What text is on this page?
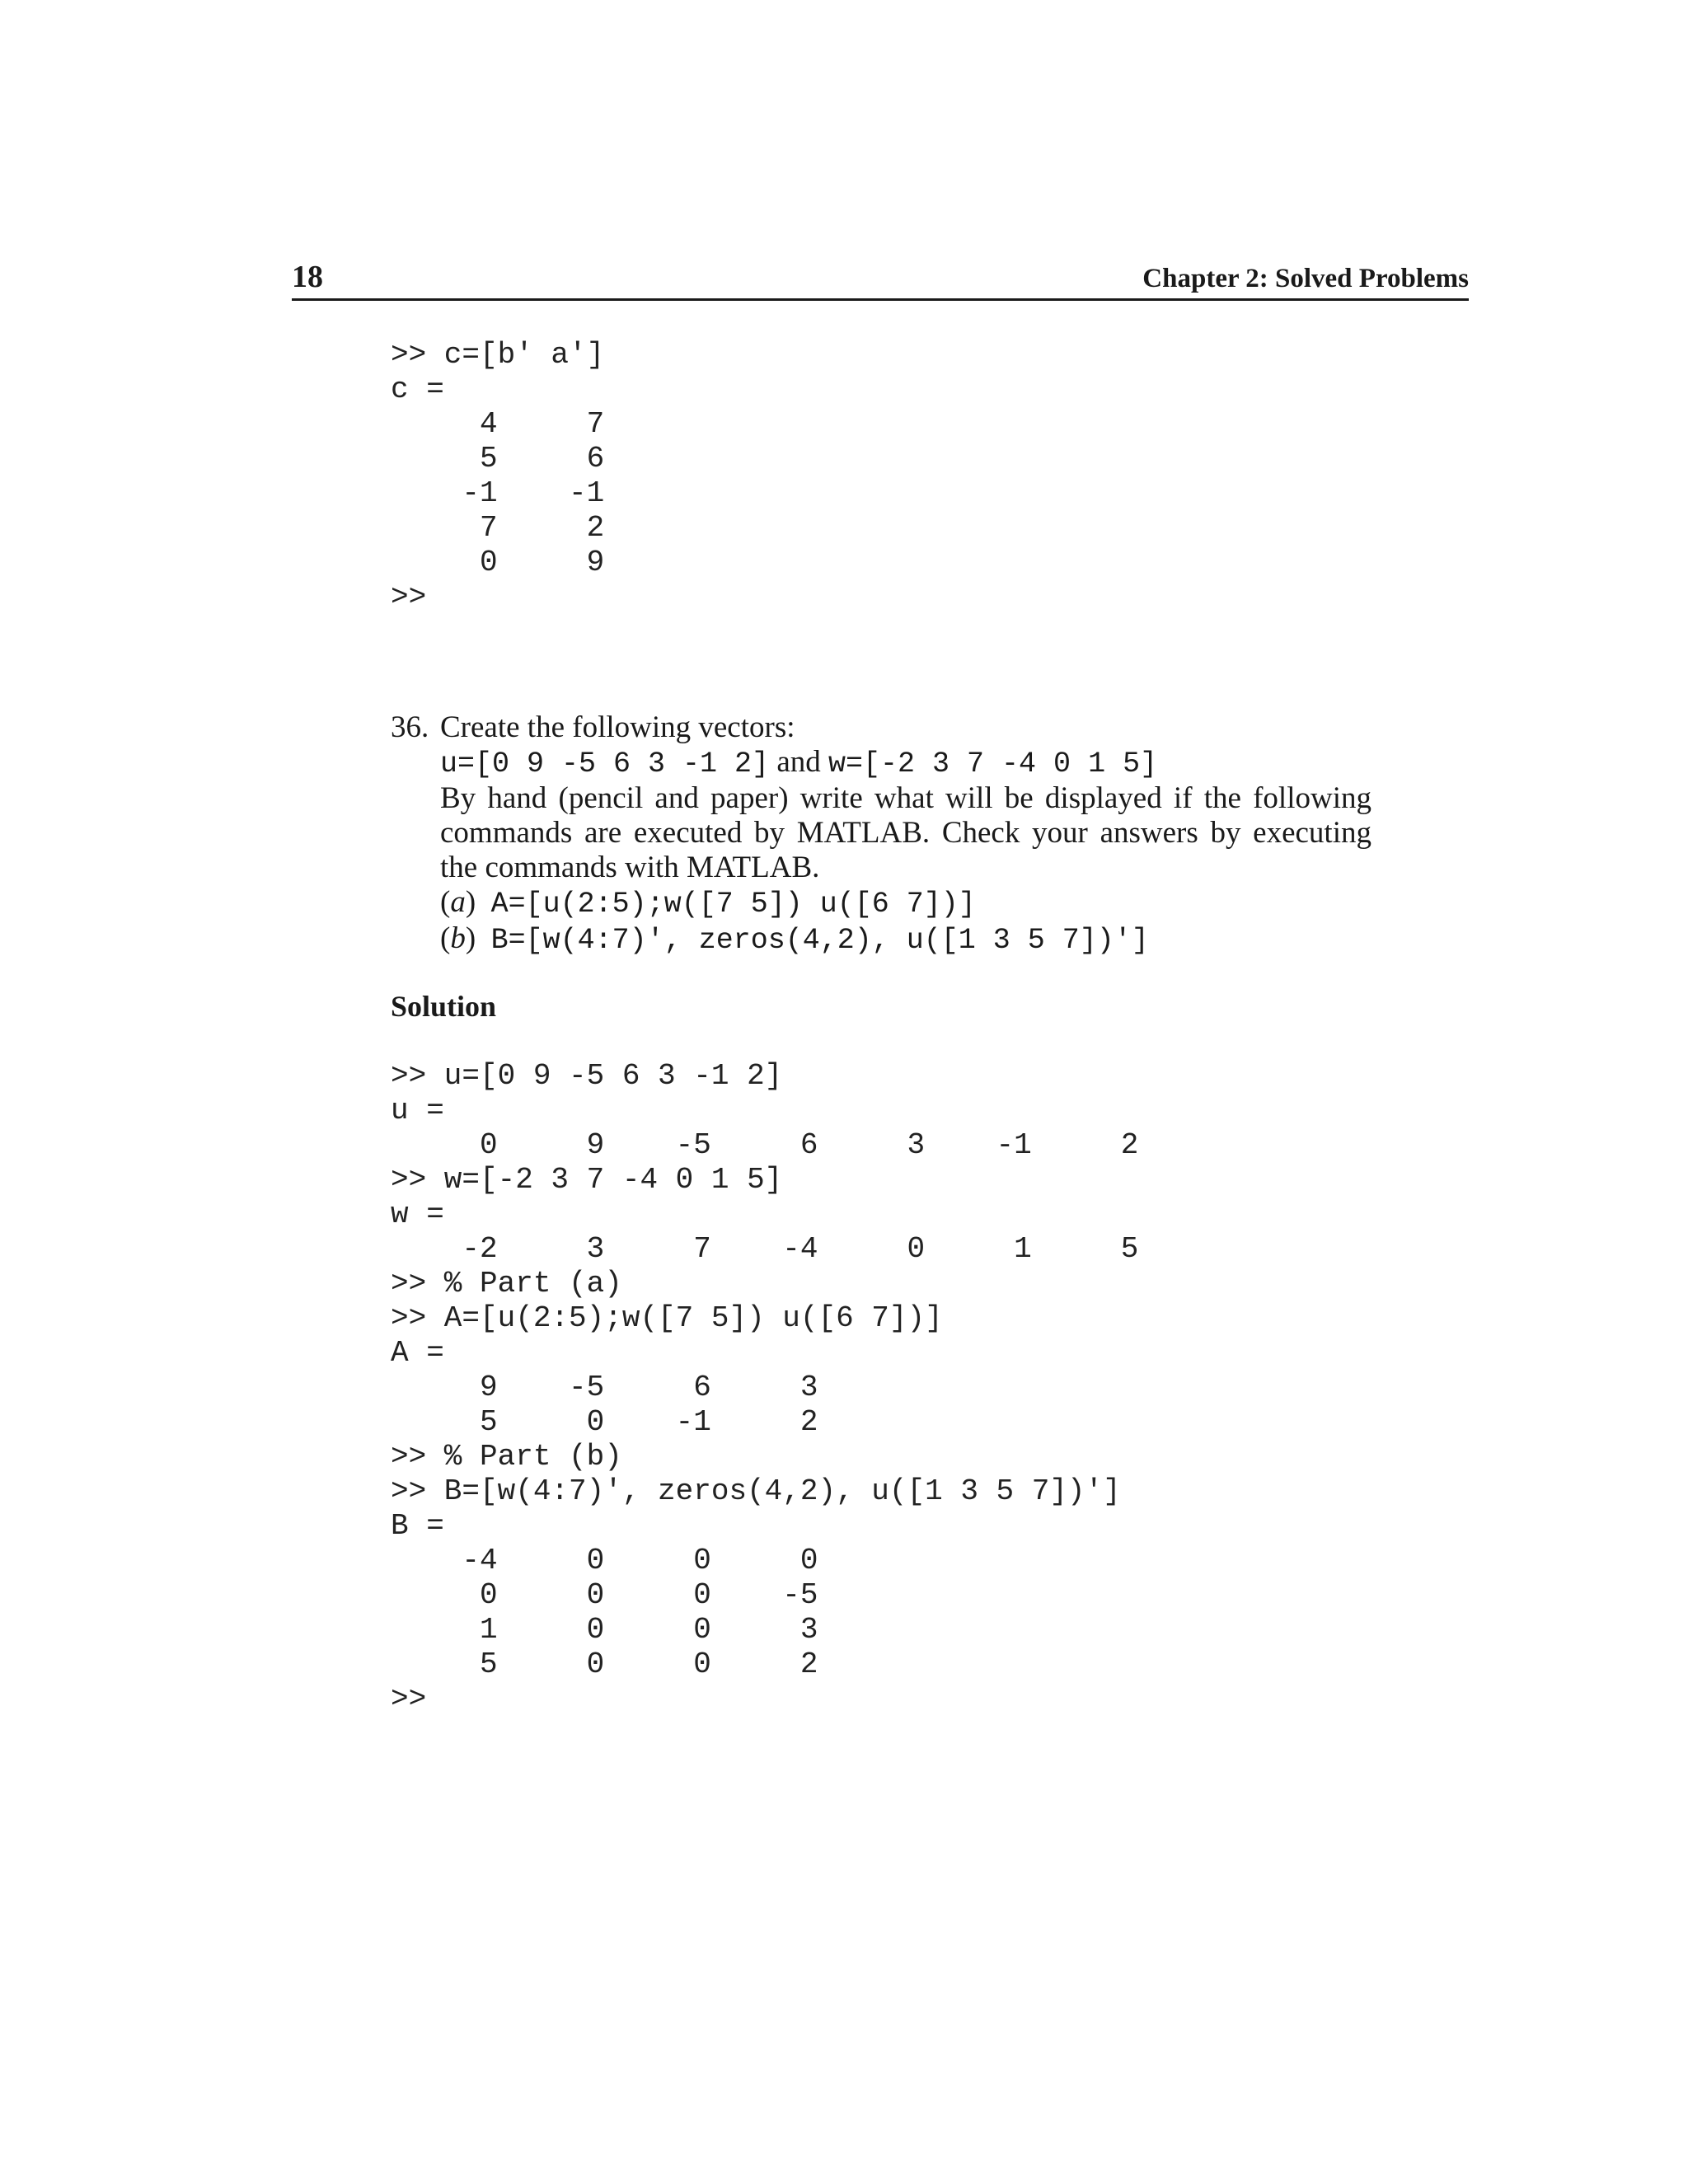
18	Chapter 2: Solved Problems
>> c=[b' a']
c =
4     7
5     6
-1    -1
7     2
0     9
>>
36. Create the following vectors:
u=[0 9 -5 6 3 -1 2] and w=[-2 3 7 -4 0 1 5]
By hand (pencil and paper) write what will be displayed if the following commands are executed by MATLAB. Check your answers by executing the commands with MATLAB.
(a)  A=[u(2:5);w([7 5]) u([6 7])]
(b)  B=[w(4:7)', zeros(4,2), u([1 3 5 7])']
Solution
>> u=[0 9 -5 6 3 -1 2]
u =
0     9    -5     6     3    -1     2
>> w=[-2 3 7 -4 0 1 5]
w =
-2     3     7    -4     0     1     5
>> % Part (a)
>> A=[u(2:5);w([7 5]) u([6 7])]
A =
9    -5     6     3
5     0    -1     2
>> % Part (b)
>> B=[w(4:7)', zeros(4,2), u([1 3 5 7])']
B =
-4     0     0     0
0     0     0    -5
1     0     0     3
5     0     0     2
>>
